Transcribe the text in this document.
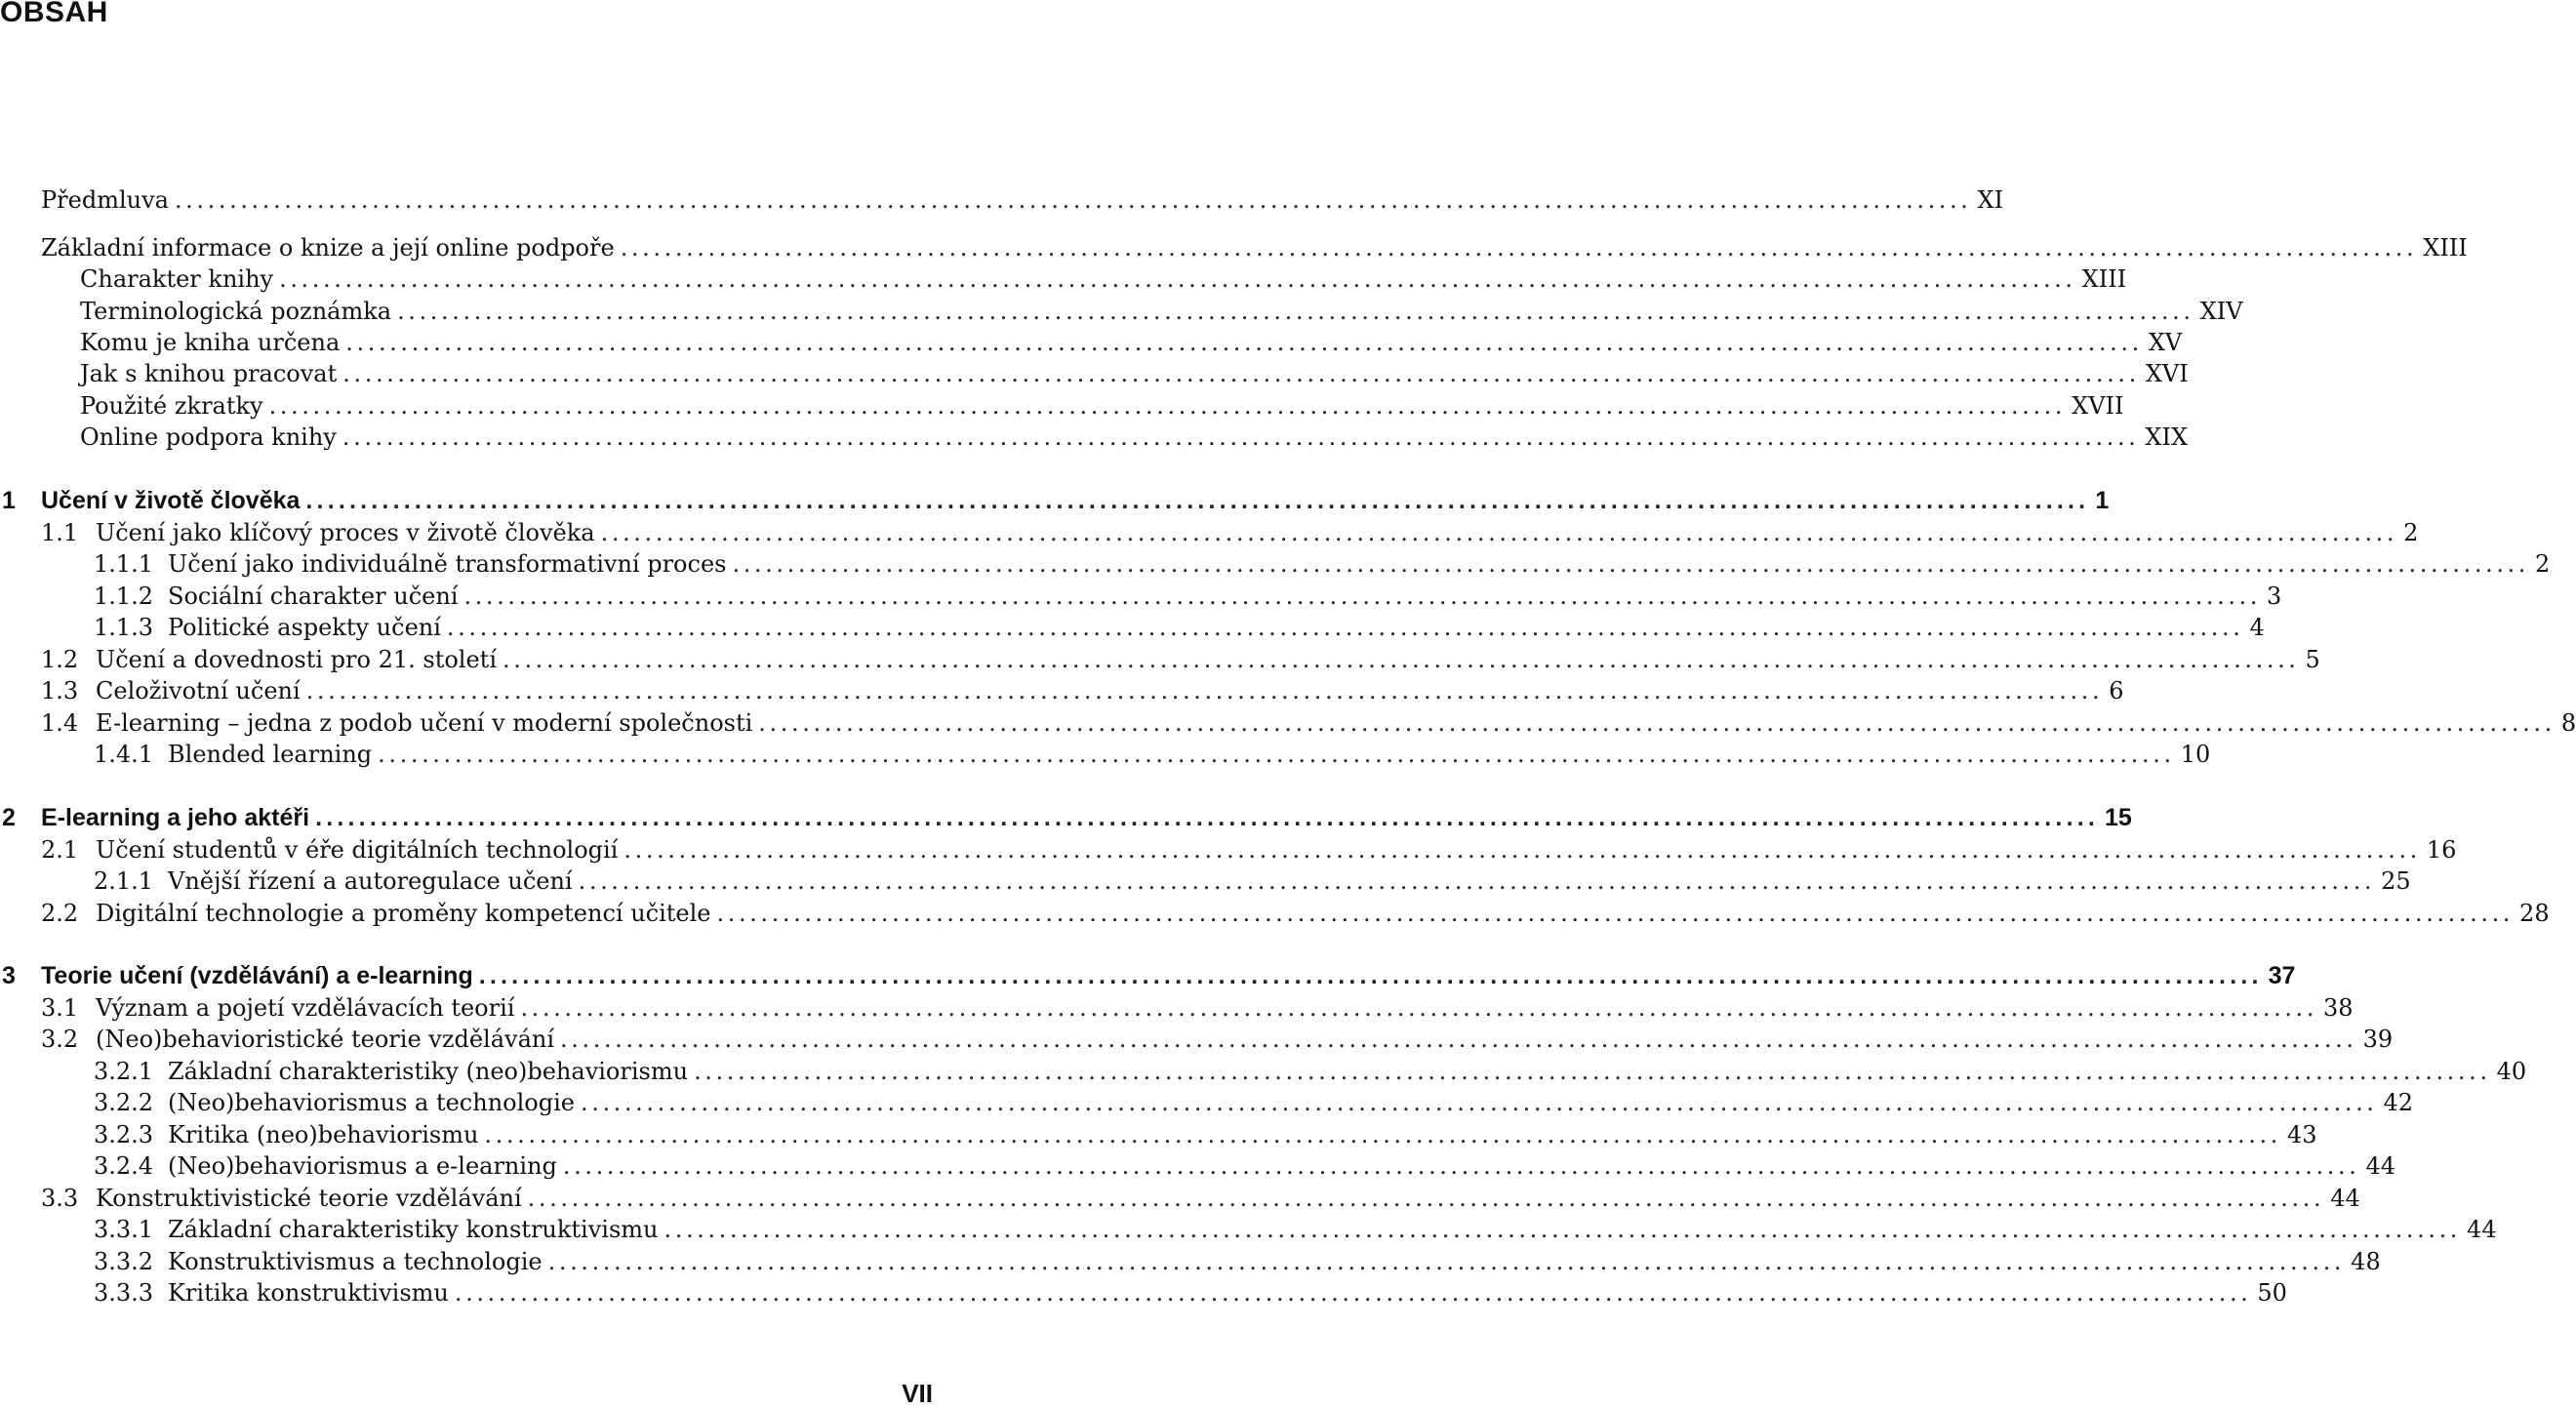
OBSAH
Předmluva .................................................................................................................................................................... XI
Základní informace o knize a její online podpoře .................................................................................................................................................................... XIII
Charakter knihy .................................................................................................................................................................... XIII
Terminologická poznámka .................................................................................................................................................................... XIV
Komu je kniha určena .................................................................................................................................................................... XV
Jak s knihou pracovat .................................................................................................................................................................... XVI
Použité zkratky .................................................................................................................................................................... XVII
Online podpora knihy .................................................................................................................................................................... XIX
1	Učení v životě člověka .................................................................................................................................................................... 1
1.1 Učení jako klíčový proces v životě člověka .................................................................................................................................................................... 2
1.1.1 Učení jako individuálně transformativní proces .................................................................................................................................................................... 2
1.1.2 Sociální charakter učení .................................................................................................................................................................... 3
1.1.3 Politické aspekty učení .................................................................................................................................................................... 4
1.2 Učení a dovednosti pro 21. století .................................................................................................................................................................... 5
1.3 Celoživotní učení .................................................................................................................................................................... 6
1.4 E-learning – jedna z podob učení v moderní společnosti .................................................................................................................................................................... 8
1.4.1 Blended learning .................................................................................................................................................................... 10
2	E-learning a jeho aktéři .................................................................................................................................................................... 15
2.1 Učení studentů v éře digitálních technologií .................................................................................................................................................................... 16
2.1.1 Vnější řízení a autoregulace učení .................................................................................................................................................................... 25
2.2 Digitální technologie a proměny kompetencí učitele .................................................................................................................................................................... 28
3	Teorie učení (vzdělávání) a e-learning .................................................................................................................................................................... 37
3.1 Význam a pojetí vzdělávacích teorií .................................................................................................................................................................... 38
3.2 (Neo)behavioristické teorie vzdělávání .................................................................................................................................................................... 39
3.2.1 Základní charakteristiky (neo)behaviorismu .................................................................................................................................................................... 40
3.2.2 (Neo)behaviorismus a technologie .................................................................................................................................................................... 42
3.2.3 Kritika (neo)behaviorismu .................................................................................................................................................................... 43
3.2.4 (Neo)behaviorismus a e-learning .................................................................................................................................................................... 44
3.3 Konstruktivistické teorie vzdělávání .................................................................................................................................................................... 44
3.3.1 Základní charakteristiky konstruktivismu .................................................................................................................................................................... 44
3.3.2 Konstruktivismus a technologie .................................................................................................................................................................... 48
3.3.3 Kritika konstruktivismu .................................................................................................................................................................... 50
VII
